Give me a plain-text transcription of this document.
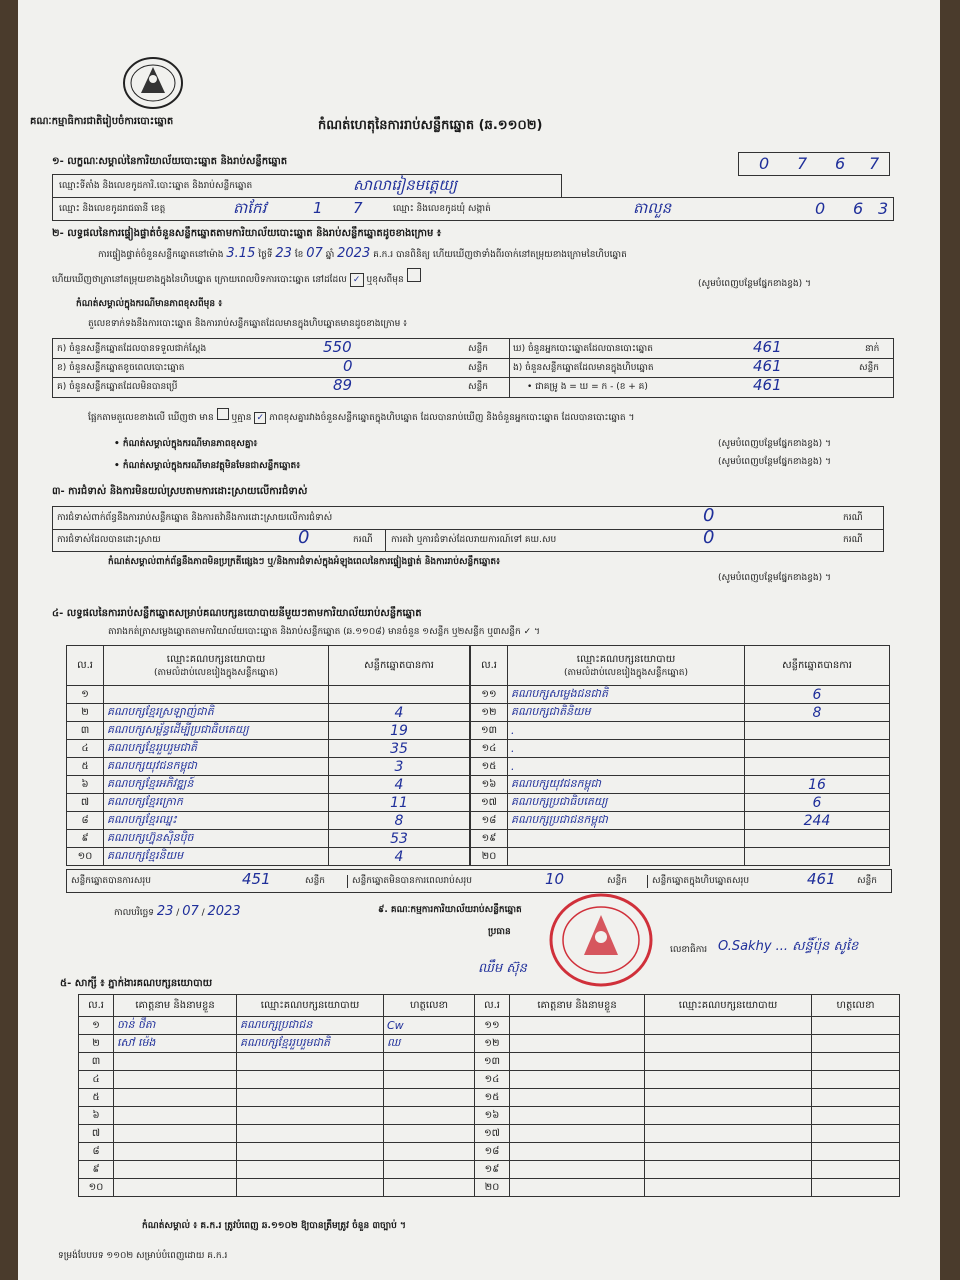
គណៈកម្មាធិការជាតិរៀបចំការបោះឆ្នោត	កំណត់ហេតុនៃការរាប់សន្លឹកឆ្នោត (ឆ.១១០២)
១- លក្ខណៈសម្គាល់នៃការិយាល័យបោះឆ្នោត និងរាប់សន្លឹកឆ្នោត
ឈ្មោះទីតាំង និងលេខកូដការិ.បោះឆ្នោត និងរាប់សន្លឹកឆ្នោត	សាលារៀនមត្តេយ្យ
0 7 6 7
ឈ្មោះ និងលេខកូដរាជធានី ខេត្ត	តាកែវ	1 7	ឈ្មោះ និងលេខកូដឃុំ សង្កាត់	តាលួន	0 6 3
២- លទ្ធផលនៃការផ្ទៀងផ្ទាត់ចំនួនសន្លឹកឆ្នោតតាមការិយាល័យបោះឆ្នោត និងរាប់សន្លឹកឆ្នោតដូចខាងក្រោម ៖
ការផ្ទៀងផ្ទាត់ចំនួនសន្លឹកឆ្នោតនៅម៉ោង 3.15 ថ្ងៃទី 23 ខែ 07 ឆ្នាំ 2023 គ.ក.រ បានពិនិត្យ ហើយឃើញថាទាំងពីរចាក់នៅតម្រុយខាងក្រោមនៃហិបឆ្នោត
ហើយឃើញថាត្រានៅតម្រុយខាងក្នុងនៃហិបឆ្នោត ក្រោយពេលបិទការបោះឆ្នោត នៅដដែល ✓ ឬខុសពីមុន	(សូមបំពេញបន្ថែមផ្នែកខាងខ្វង) ។
កំណត់សម្គាល់ក្នុងករណីមានភាពខុសពីមុន ៖
តួលេខទាក់ទងនឹងការបោះឆ្នោត និងការរាប់សន្លឹកឆ្នោតដែលមានក្នុងហិបឆ្នោតមានដូចខាងក្រោម ៖
ក) ចំនួនសន្លឹកឆ្នោតដែលបានទទួលជាក់ស្តែង	550	សន្លឹក
ខ) ចំនួនសន្លឹកឆ្នោតខូចពេលបោះឆ្នោត	0	សន្លឹក
គ) ចំនួនសន្លឹកឆ្នោតដែលមិនបានប្រើ	89	សន្លឹក
ឃ) ចំនួនអ្នកបោះឆ្នោតដែលបានបោះឆ្នោត	461	នាក់
ង) ចំនួនសន្លឹកឆ្នោតដែលមានក្នុងហិបឆ្នោត	461	សន្លឹក
• ជាគម្រូ ង = ឃ = ក - (ខ + គ)	461
ផ្អែកតាមតួលេខខាងលើ ឃើញថា មាន ឬគ្មាន ✓ ភាពខុសគ្នារវាងចំនួនសន្លឹកឆ្នោតក្នុងហិបឆ្នោត ដែលបានរាប់ឃើញ និងចំនួនអ្នកបោះឆ្នោត ដែលបានបោះឆ្នោត ។
• កំណត់សម្គាល់ក្នុងករណីមានភាពខុសគ្នា៖	(សូមបំពេញបន្ថែមផ្នែកខាងខ្វង) ។
• កំណត់សម្គាល់ក្នុងករណីមានវត្ថុមិនមែនជាសន្លឹកឆ្នោត៖	(សូមបំពេញបន្ថែមផ្នែកខាងខ្វង) ។
៣- ការជំទាស់ និងការមិនយល់ស្របតាមការដោះស្រាយលើការជំទាស់
ការជំទាស់ពាក់ព័ន្ធនឹងការរាប់សន្លឹកឆ្នោត និងការតវ៉ានឹងការដោះស្រាយលើការជំទាស់	0	ករណី
ការជំទាស់ដែលបានដោះស្រាយ	0	ករណី ការតវ៉ា ឬការជំទាស់ដែលរាយការណ៍ទៅ គឃ.សប	0	ករណី
កំណត់សម្គាល់ពាក់ព័ន្ធនឹងភាពមិនប្រក្រតីផ្សេងៗ ឬ/និងការជំទាស់ក្នុងអំឡុងពេលនៃការផ្ទៀងផ្ទាត់ និងការរាប់សន្លឹកឆ្នោត៖
(សូមបំពេញបន្ថែមផ្នែកខាងខ្វង) ។
៤- លទ្ធផលនៃការរាប់សន្លឹកឆ្នោតសម្រាប់គណបក្សនយោបាយនីមួយៗតាមការិយាល័យរាប់សន្លឹកឆ្នោត
តារាងកត់ត្រាសម្លេងឆ្នោតតាមការិយាល័យបោះឆ្នោត និងរាប់សន្លឹកឆ្នោត (ឆ.១១០៨) មានចំនួន ១សន្លឹក ឬ២សន្លឹក ឬ៣សន្លឹក ✓ ។
ល.រ	ឈ្មោះគណបក្សនយោបាយ
(តាមលំដាប់លេខរៀងក្នុងសន្លឹកឆ្នោត)	សន្លឹកឆ្នោតបានការ
១		
២	គណបក្សខ្មែរស្រឡាញ់ជាតិ	4
៣	គណបក្សសម្ព័ន្ធដើម្បីប្រជាធិបតេយ្យ	19
៤	គណបក្សខ្មែររួបរួមជាតិ	35
៥	គណបក្សយុវជនកម្ពុជា	3
៦	គណបក្សខ្មែរអភិវឌ្ឍន៍	4
៧	គណបក្សខ្មែរក្រោក	11
៨	គណបក្សខ្មែរឈ្នះ	8
៩	គណបក្សហ្វ៊ុនស៊ិនប៉ិច	53
១០	គណបក្សខ្មែរនិយម	4
ល.រ	ឈ្មោះគណបក្សនយោបាយ
(តាមលំដាប់លេខរៀងក្នុងសន្លឹកឆ្នោត)	សន្លឹកឆ្នោតបានការ
១១	គណបក្សសម្លេងជនជាតិ	6
១២	គណបក្សជាតិនិយម	8
១៣	.	
១៤	.	
១៥	.	
១៦	គណបក្សយុវជនកម្ពុជា	16
១៧	គណបក្សប្រជាធិបតេយ្យ	6
១៨	គណបក្សប្រជាជនកម្ពុជា	244
១៩		
២០		
សន្លឹកឆ្នោតបានការសរុប	451	សន្លឹក	សន្លឹកឆ្នោតមិនបានការពេលរាប់សរុប	10	សន្លឹក	សន្លឹកឆ្នោតក្នុងហិបឆ្នោតសរុប	461 សន្លឹក
កាលបរិច្ឆេទ 23 / 07 / 2023	៩. គណៈកម្មការការិយាល័យរាប់សន្លឹកឆ្នោត
ប្រធាន
ឈឹម ស៊ុន
លេខាធិការ O.Sakhy ... សន្ធិ៍ប៉ុន សូខៃ
៥- សាក្សី ៖ ភ្នាក់ងារគណបក្សនយោបាយ
ល.រ	គោត្តនាម និងនាមខ្លួន	ឈ្មោះគណបក្សនយោបាយ	ហត្ថលេខា	ល.រ	គោត្តនាម និងនាមខ្លួន	ឈ្មោះគណបក្សនយោបាយ	ហត្ថលេខា
១	ចាន់ ថឹតា	គណបក្សប្រជាជន	Cw	១១			
២	សៅ ម៉េង	គណបក្សខ្មែររួបរួមជាតិ	ឈ	១២			
៣				១៣			
៤				១៤			
៥				១៥			
៦				១៦			
៧				១៧			
៨				១៨			
៩				១៩			
១០				២០			
កំណត់សម្គាល់ ៖ គ.ក.រ ត្រូវបំពេញ ឆ.១១០២ ឱ្យបានត្រឹមត្រូវ ចំនួន ៣ច្បាប់ ។
ទម្រង់បែបបទ ១១០២ សម្រាប់បំពេញដោយ គ.ក.រ
